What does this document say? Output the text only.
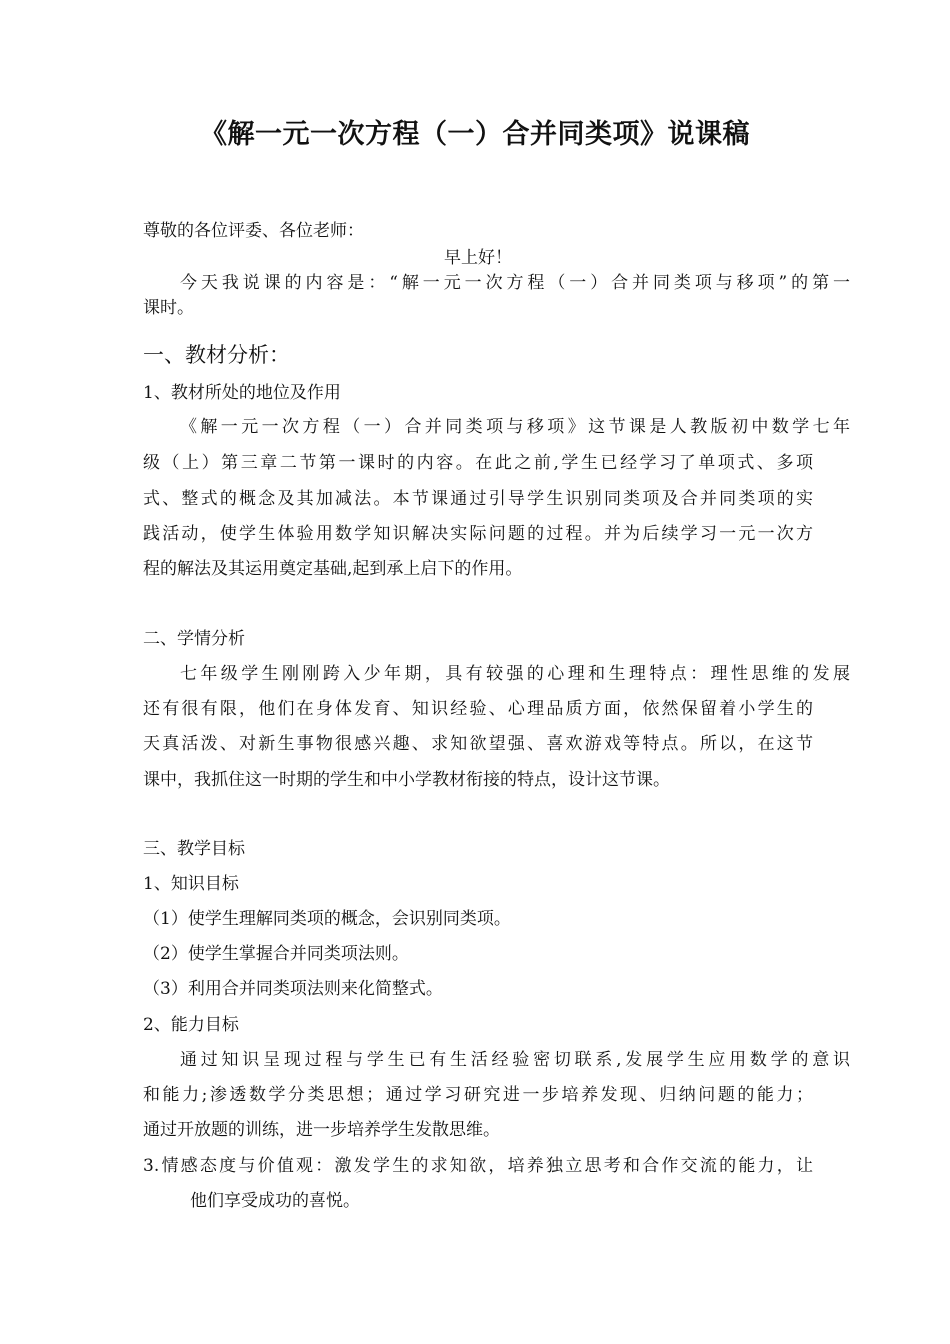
《解一元一次方程（一）合并同类项》说课稿
尊敬的各位评委、各位老师：
早上好！
今天我说课的内容是：“解一元一次方程（一）合并同类项与移项”的第一
课时。
一、教材分析：
1、教材所处的地位及作用
《解一元一次方程（一）合并同类项与移项》这节课是人教版初中数学七年
级（上）第三章二节第一课时的内容。在此之前,学生已经学习了单项式、多项
式、整式的概念及其加减法。本节课通过引导学生识别同类项及合并同类项的实
践活动，使学生体验用数学知识解决实际问题的过程。并为后续学习一元一次方
程的解法及其运用奠定基础,起到承上启下的作用。
二、学情分析
七年级学生刚刚跨入少年期，具有较强的心理和生理特点：理性思维的发展
还有很有限，他们在身体发育、知识经验、心理品质方面，依然保留着小学生的
天真活泼、对新生事物很感兴趣、求知欲望强、喜欢游戏等特点。所以，在这节
课中，我抓住这一时期的学生和中小学教材衔接的特点，设计这节课。
三、教学目标
1、知识目标
（1）使学生理解同类项的概念，会识别同类项。
（2）使学生掌握合并同类项法则。
（3）利用合并同类项法则来化简整式。
2、能力目标
通过知识呈现过程与学生已有生活经验密切联系,发展学生应用数学的意识
和能力;渗透数学分类思想；通过学习研究进一步培养发现、归纳问题的能力；
通过开放题的训练，进一步培养学生发散思维。
3.情感态度与价值观：激发学生的求知欲，培养独立思考和合作交流的能力，让
他们享受成功的喜悦。
